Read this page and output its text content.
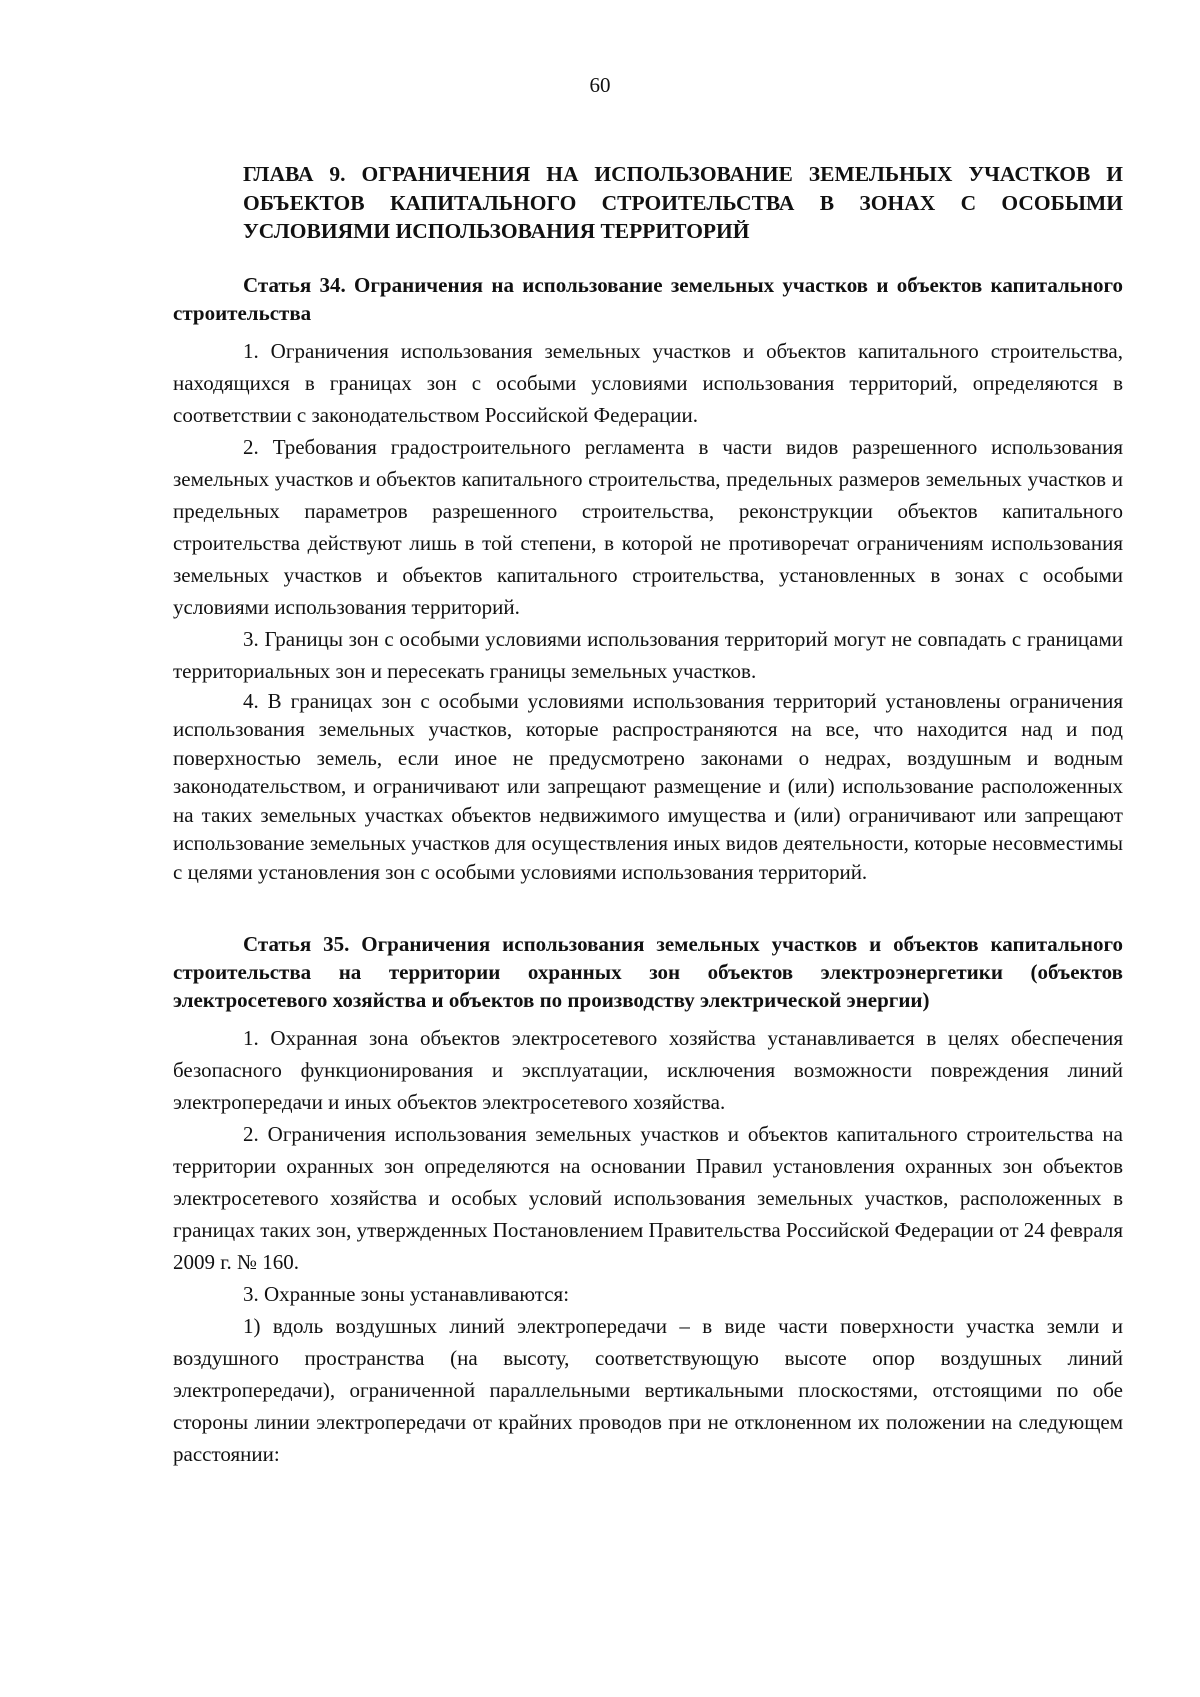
60
ГЛАВА 9. ОГРАНИЧЕНИЯ НА ИСПОЛЬЗОВАНИЕ ЗЕМЕЛЬНЫХ УЧАСТКОВ И ОБЪЕКТОВ КАПИТАЛЬНОГО СТРОИТЕЛЬСТВА В ЗОНАХ С ОСОБЫМИ УСЛОВИЯМИ ИСПОЛЬЗОВАНИЯ ТЕРРИТОРИЙ
Статья 34. Ограничения на использование земельных участков и объектов капитального строительства

1. Ограничения использования земельных участков и объектов капитального строительства, находящихся в границах зон с особыми условиями использования территорий, определяются в соответствии с законодательством Российской Федерации.

2. Требования градостроительного регламента в части видов разрешенного использования земельных участков и объектов капитального строительства, предельных размеров земельных участков и предельных параметров разрешенного строительства, реконструкции объектов капитального строительства действуют лишь в той степени, в которой не противоречат ограничениям использования земельных участков и объектов капитального строительства, установленных в зонах с особыми условиями использования территорий.

3. Границы зон с особыми условиями использования территорий могут не совпадать с границами территориальных зон и пересекать границы земельных участков.

4. В границах зон с особыми условиями использования территорий установлены ограничения использования земельных участков, которые распространяются на все, что находится над и под поверхностью земель, если иное не предусмотрено законами о недрах, воздушным и водным законодательством, и ограничивают или запрещают размещение и (или) использование расположенных на таких земельных участках объектов недвижимого имущества и (или) ограничивают или запрещают использование земельных участков для осуществления иных видов деятельности, которые несовместимы с целями установления зон с особыми условиями использования территорий.

Статья 35. Ограничения использования земельных участков и объектов капитального строительства на территории охранных зон объектов электроэнергетики (объектов электросетевого хозяйства и объектов по производству электрической энергии)

1. Охранная зона объектов электросетевого хозяйства устанавливается в целях обеспечения безопасного функционирования и эксплуатации, исключения возможности повреждения линий электропередачи и иных объектов электросетевого хозяйства.

2. Ограничения использования земельных участков и объектов капитального строительства на территории охранных зон определяются на основании Правил установления охранных зон объектов электросетевого хозяйства и особых условий использования земельных участков, расположенных в границах таких зон, утвержденных Постановлением Правительства Российской Федерации от 24 февраля 2009 г. № 160.

3. Охранные зоны устанавливаются:

1) вдоль воздушных линий электропередачи – в виде части поверхности участка земли и воздушного пространства (на высоту, соответствующую высоте опор воздушных линий электропередачи), ограниченной параллельными вертикальными плоскостями, отстоящими по обе стороны линии электропередачи от крайних проводов при не отклоненном их положении на следующем расстоянии:
